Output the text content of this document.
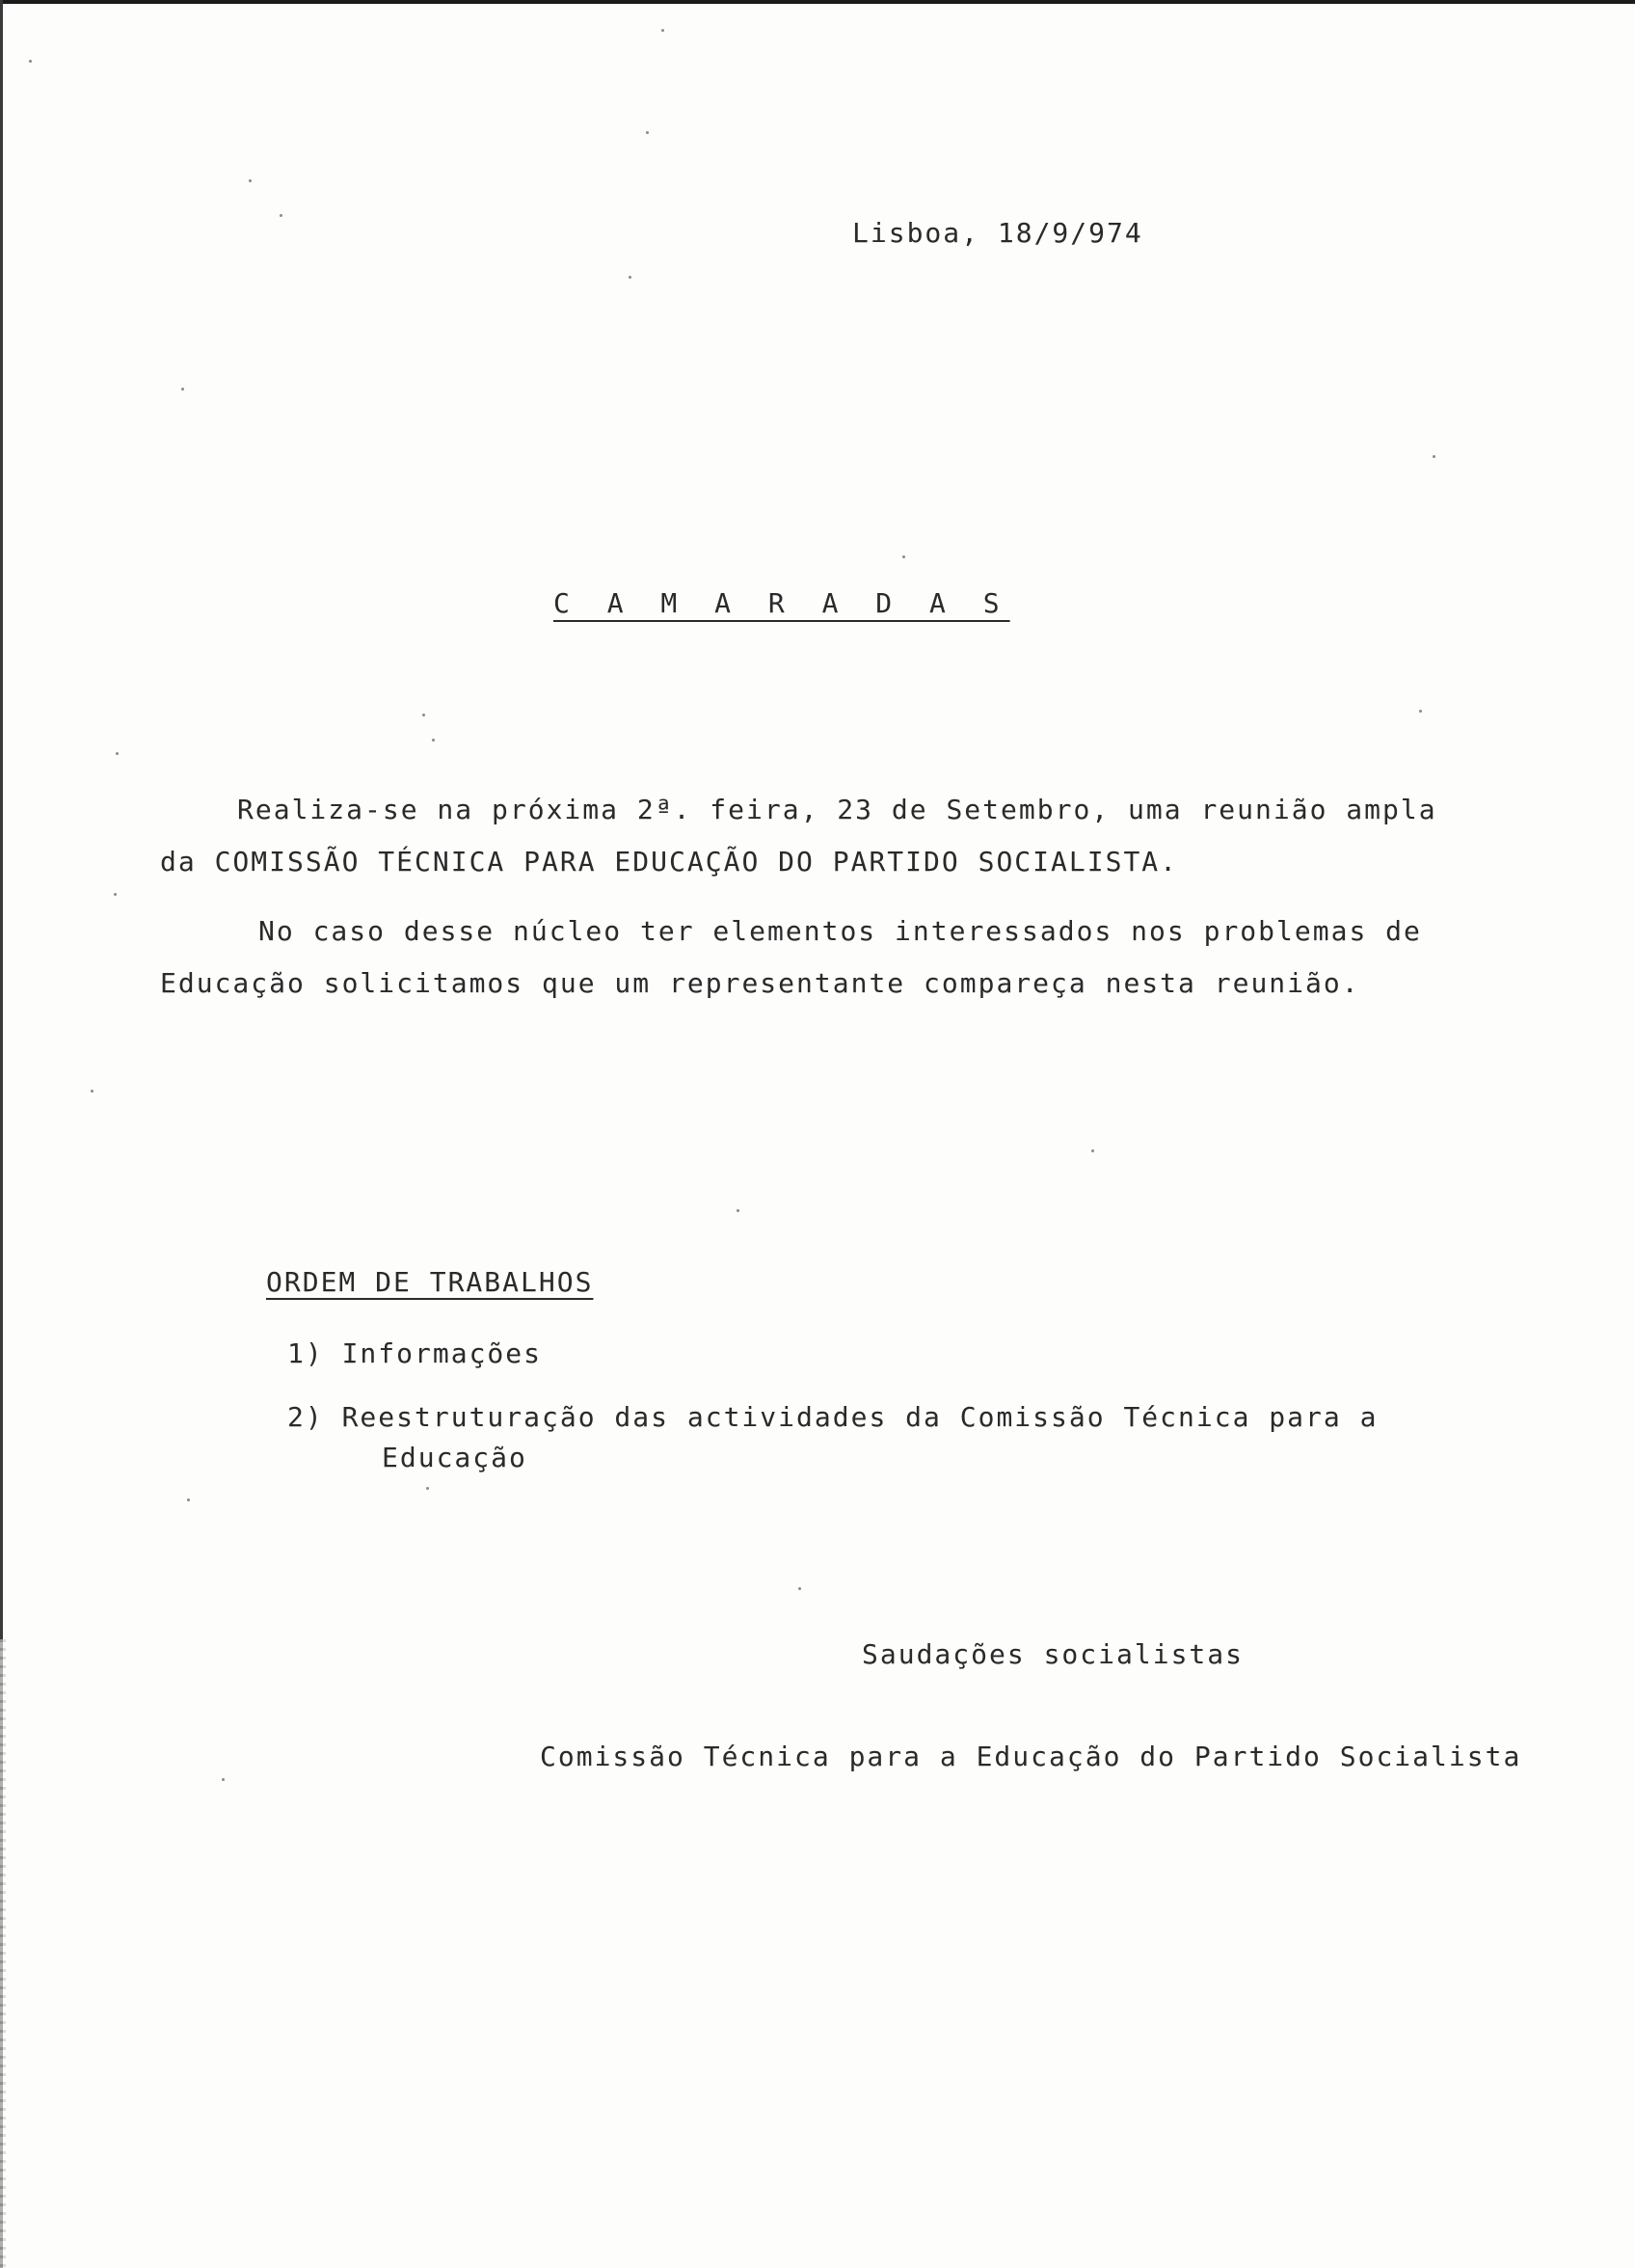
Lisboa, 18/9/974
C A M A R A D A S
Realiza-se na próxima 2ª. feira, 23 de Setembro, uma reunião ampla
da COMISSÃO TÉCNICA PARA EDUCAÇÃO DO PARTIDO SOCIALISTA.
No caso desse núcleo ter elementos interessados nos problemas de
Educação solicitamos que um representante compareça nesta reunião.
ORDEM DE TRABALHOS
1) Informações
2) Reestruturação das actividades da Comissão Técnica para a
Educação
Saudações socialistas
Comissão Técnica para a Educação do Partido Socialista
